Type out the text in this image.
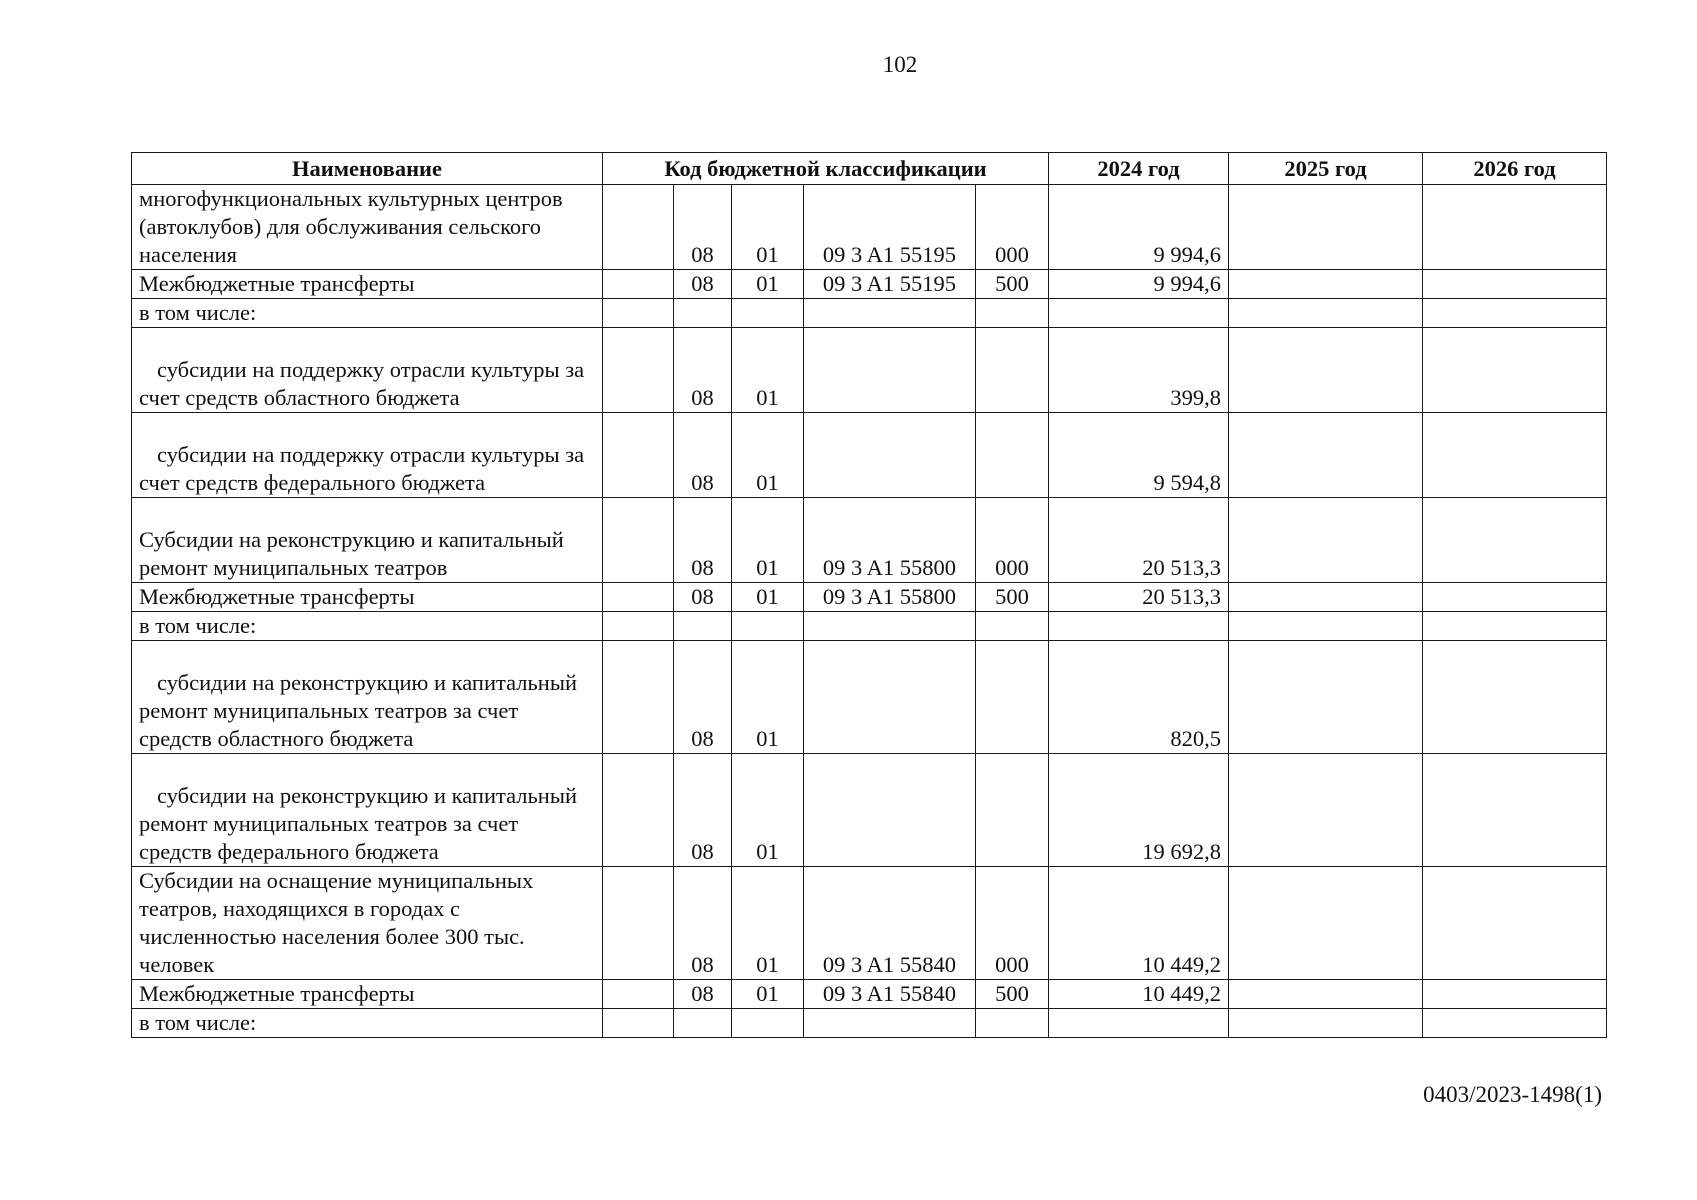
102
Наименование	Код бюджетной классификации					2024 год	2025 год	2026 год
многофункциональных культурных центров (автоклубов) для обслуживания сельского населения		08	01	09 3 A1 55195	000	9 994,6		
Межбюджетные трансферты		08	01	09 3 A1 55195	500	9 994,6		
в том числе:								
субсидии на поддержку отрасли культуры за счет средств областного бюджета		08	01			399,8		
субсидии на поддержку отрасли культуры за счет средств федерального бюджета		08	01			9 594,8		
Субсидии на реконструкцию и капитальный ремонт муниципальных театров		08	01	09 3 A1 55800	000	20 513,3		
Межбюджетные трансферты		08	01	09 3 A1 55800	500	20 513,3		
в том числе:								
субсидии на реконструкцию и капитальный ремонт муниципальных театров за счет средств областного бюджета		08	01			820,5		
субсидии на реконструкцию и капитальный ремонт муниципальных театров за счет средств федерального бюджета		08	01			19 692,8		
Субсидии на оснащение муниципальных театров, находящихся в городах с численностью населения более 300 тыс. человек		08	01	09 3 A1 55840	000	10 449,2		
Межбюджетные трансферты		08	01	09 3 A1 55840	500	10 449,2		
в том числе:								
0403/2023-1498(1)
